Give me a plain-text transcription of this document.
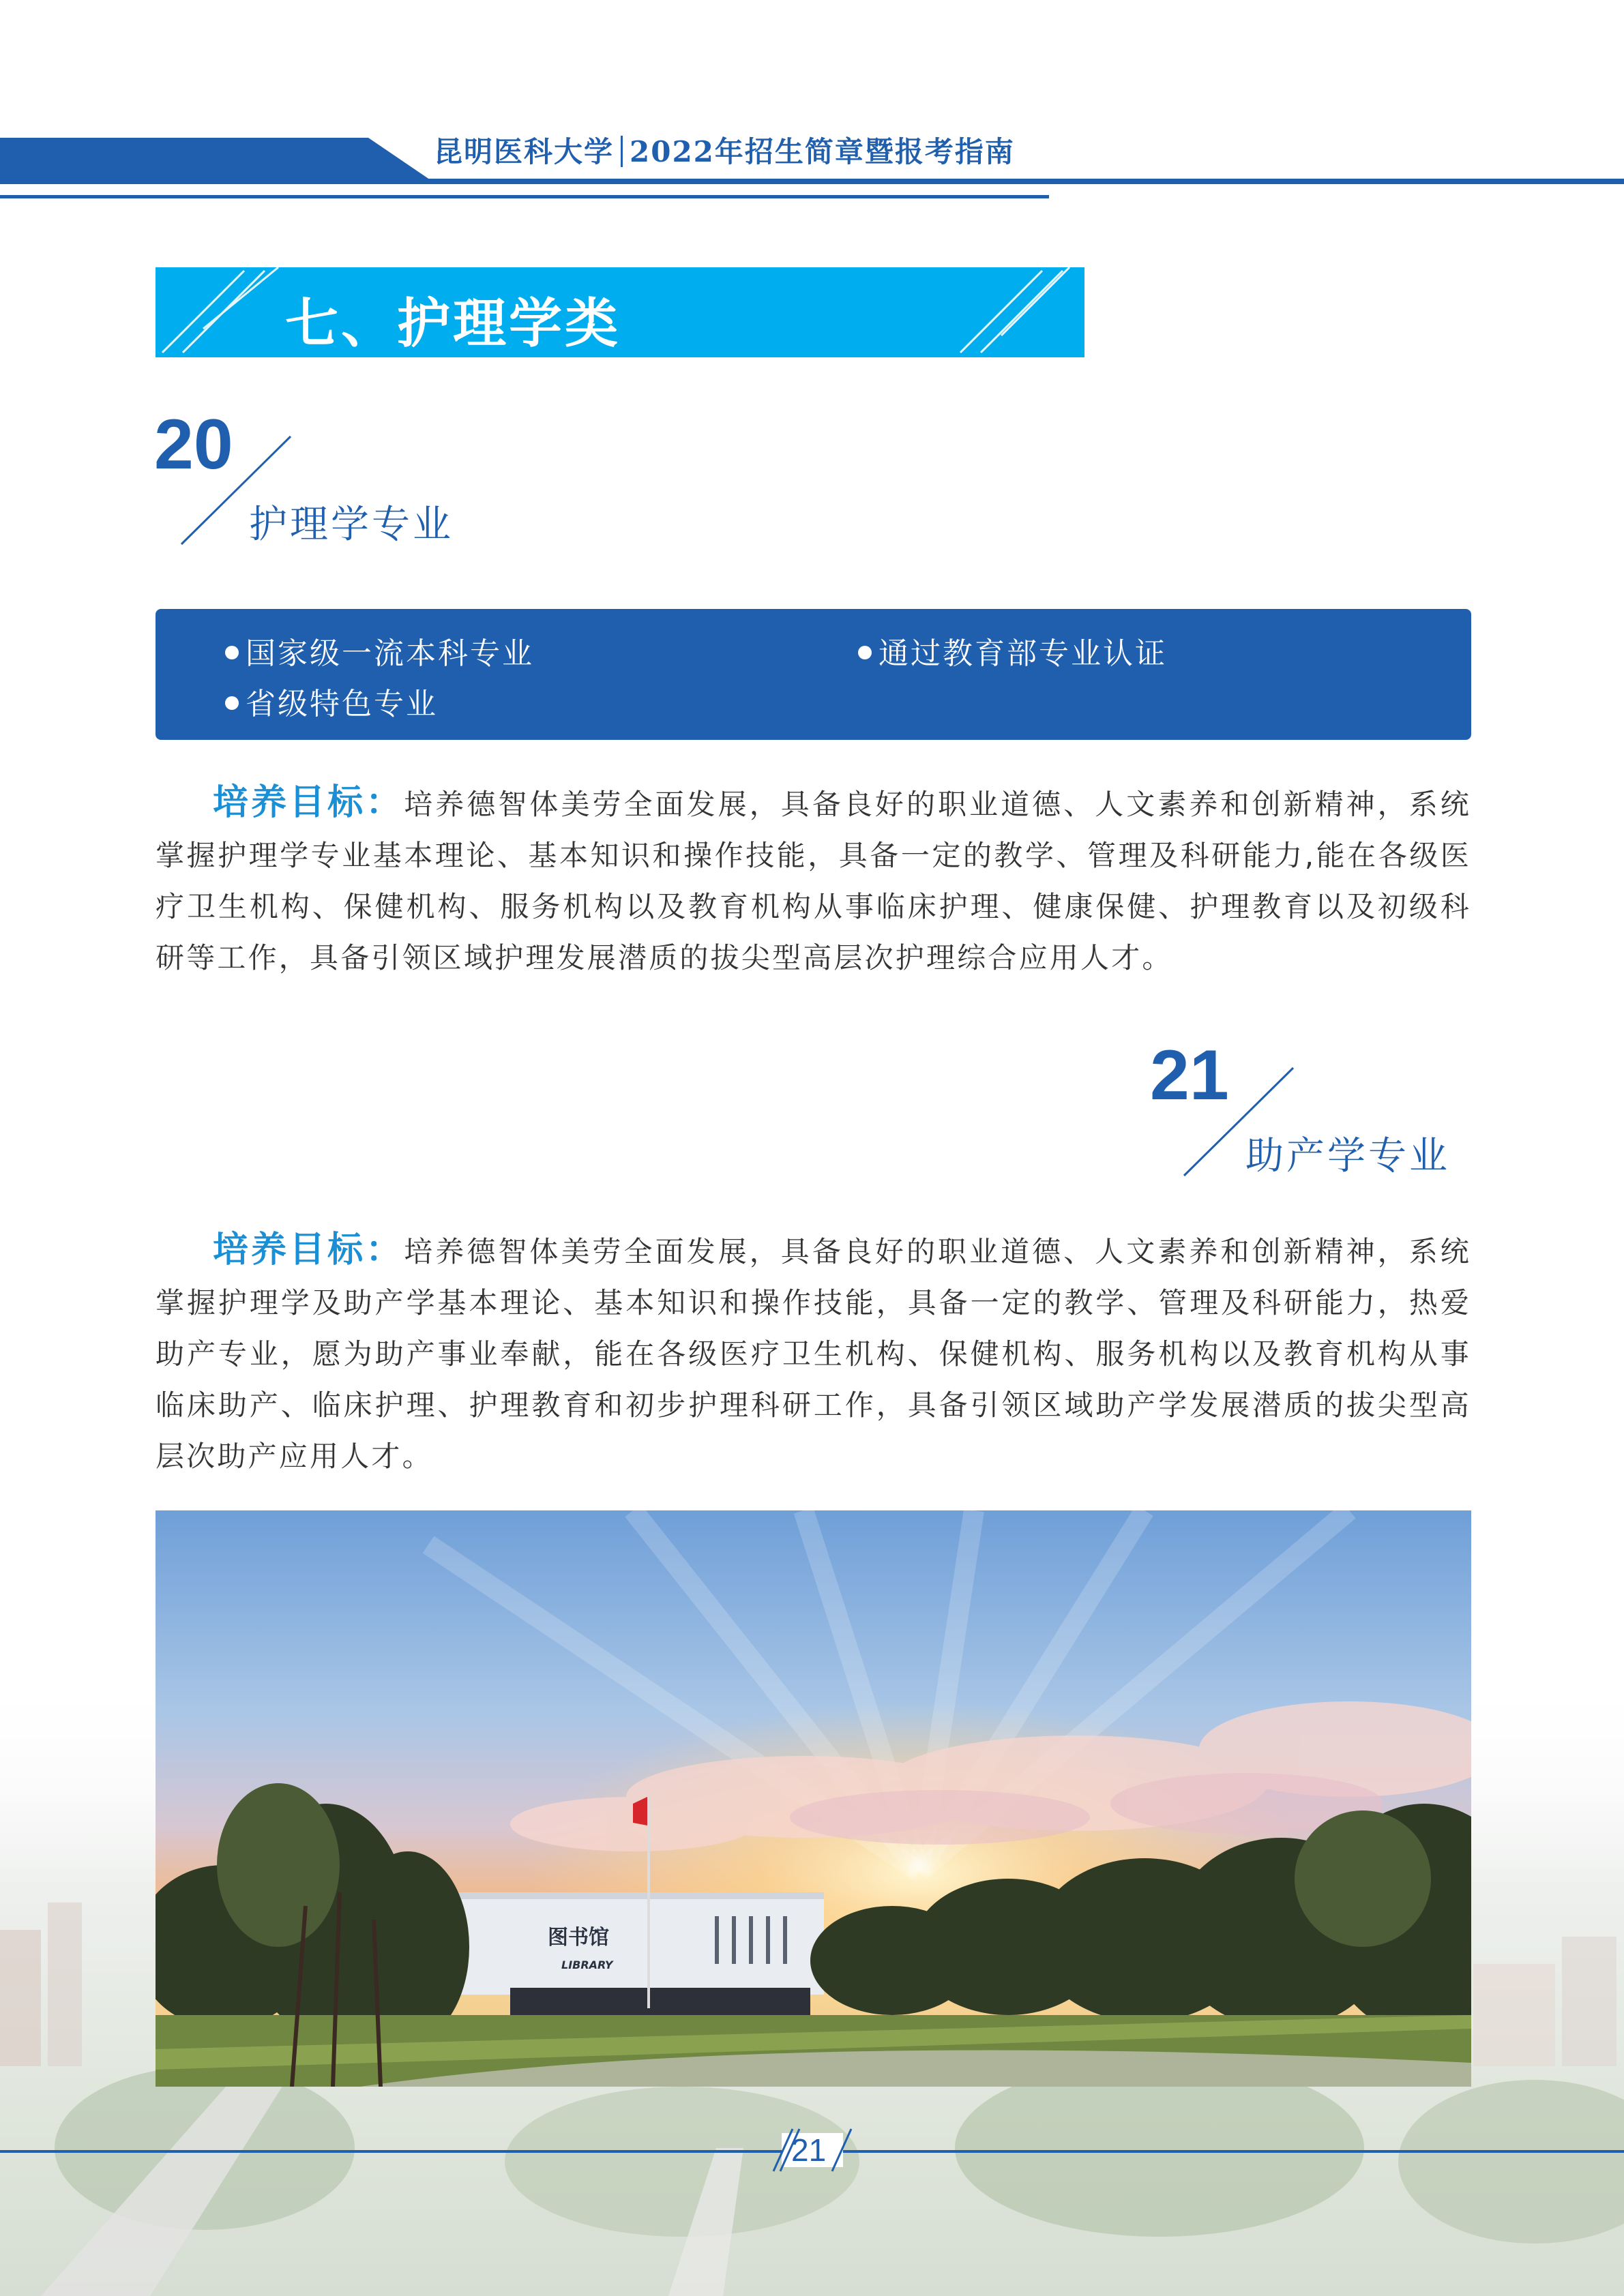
昆明医科大学 2022年招生简章暨报考指南
七、护理学类
20
护理学专业
国家级一流本科专业	通过教育部专业认证
省级特色专业
培养目标：培养德智体美劳全面发展，具备良好的职业道德、人文素养和创新精神，系统掌握护理学专业基本理论、基本知识和操作技能，具备一定的教学、管理及科研能力,能在各级医疗卫生机构、保健机构、服务机构以及教育机构从事临床护理、健康保健、护理教育以及初级科研等工作，具备引领区域护理发展潜质的拔尖型高层次护理综合应用人才。
21
助产学专业
培养目标：培养德智体美劳全面发展，具备良好的职业道德、人文素养和创新精神，系统掌握护理学及助产学基本理论、基本知识和操作技能，具备一定的教学、管理及科研能力，热爱助产专业，愿为助产事业奉献，能在各级医疗卫生机构、保健机构、服务机构以及教育机构从事临床助产、临床护理、护理教育和初步护理科研工作，具备引领区域助产学发展潜质的拔尖型高层次助产应用人才。
图书馆
LIBRARY
21
